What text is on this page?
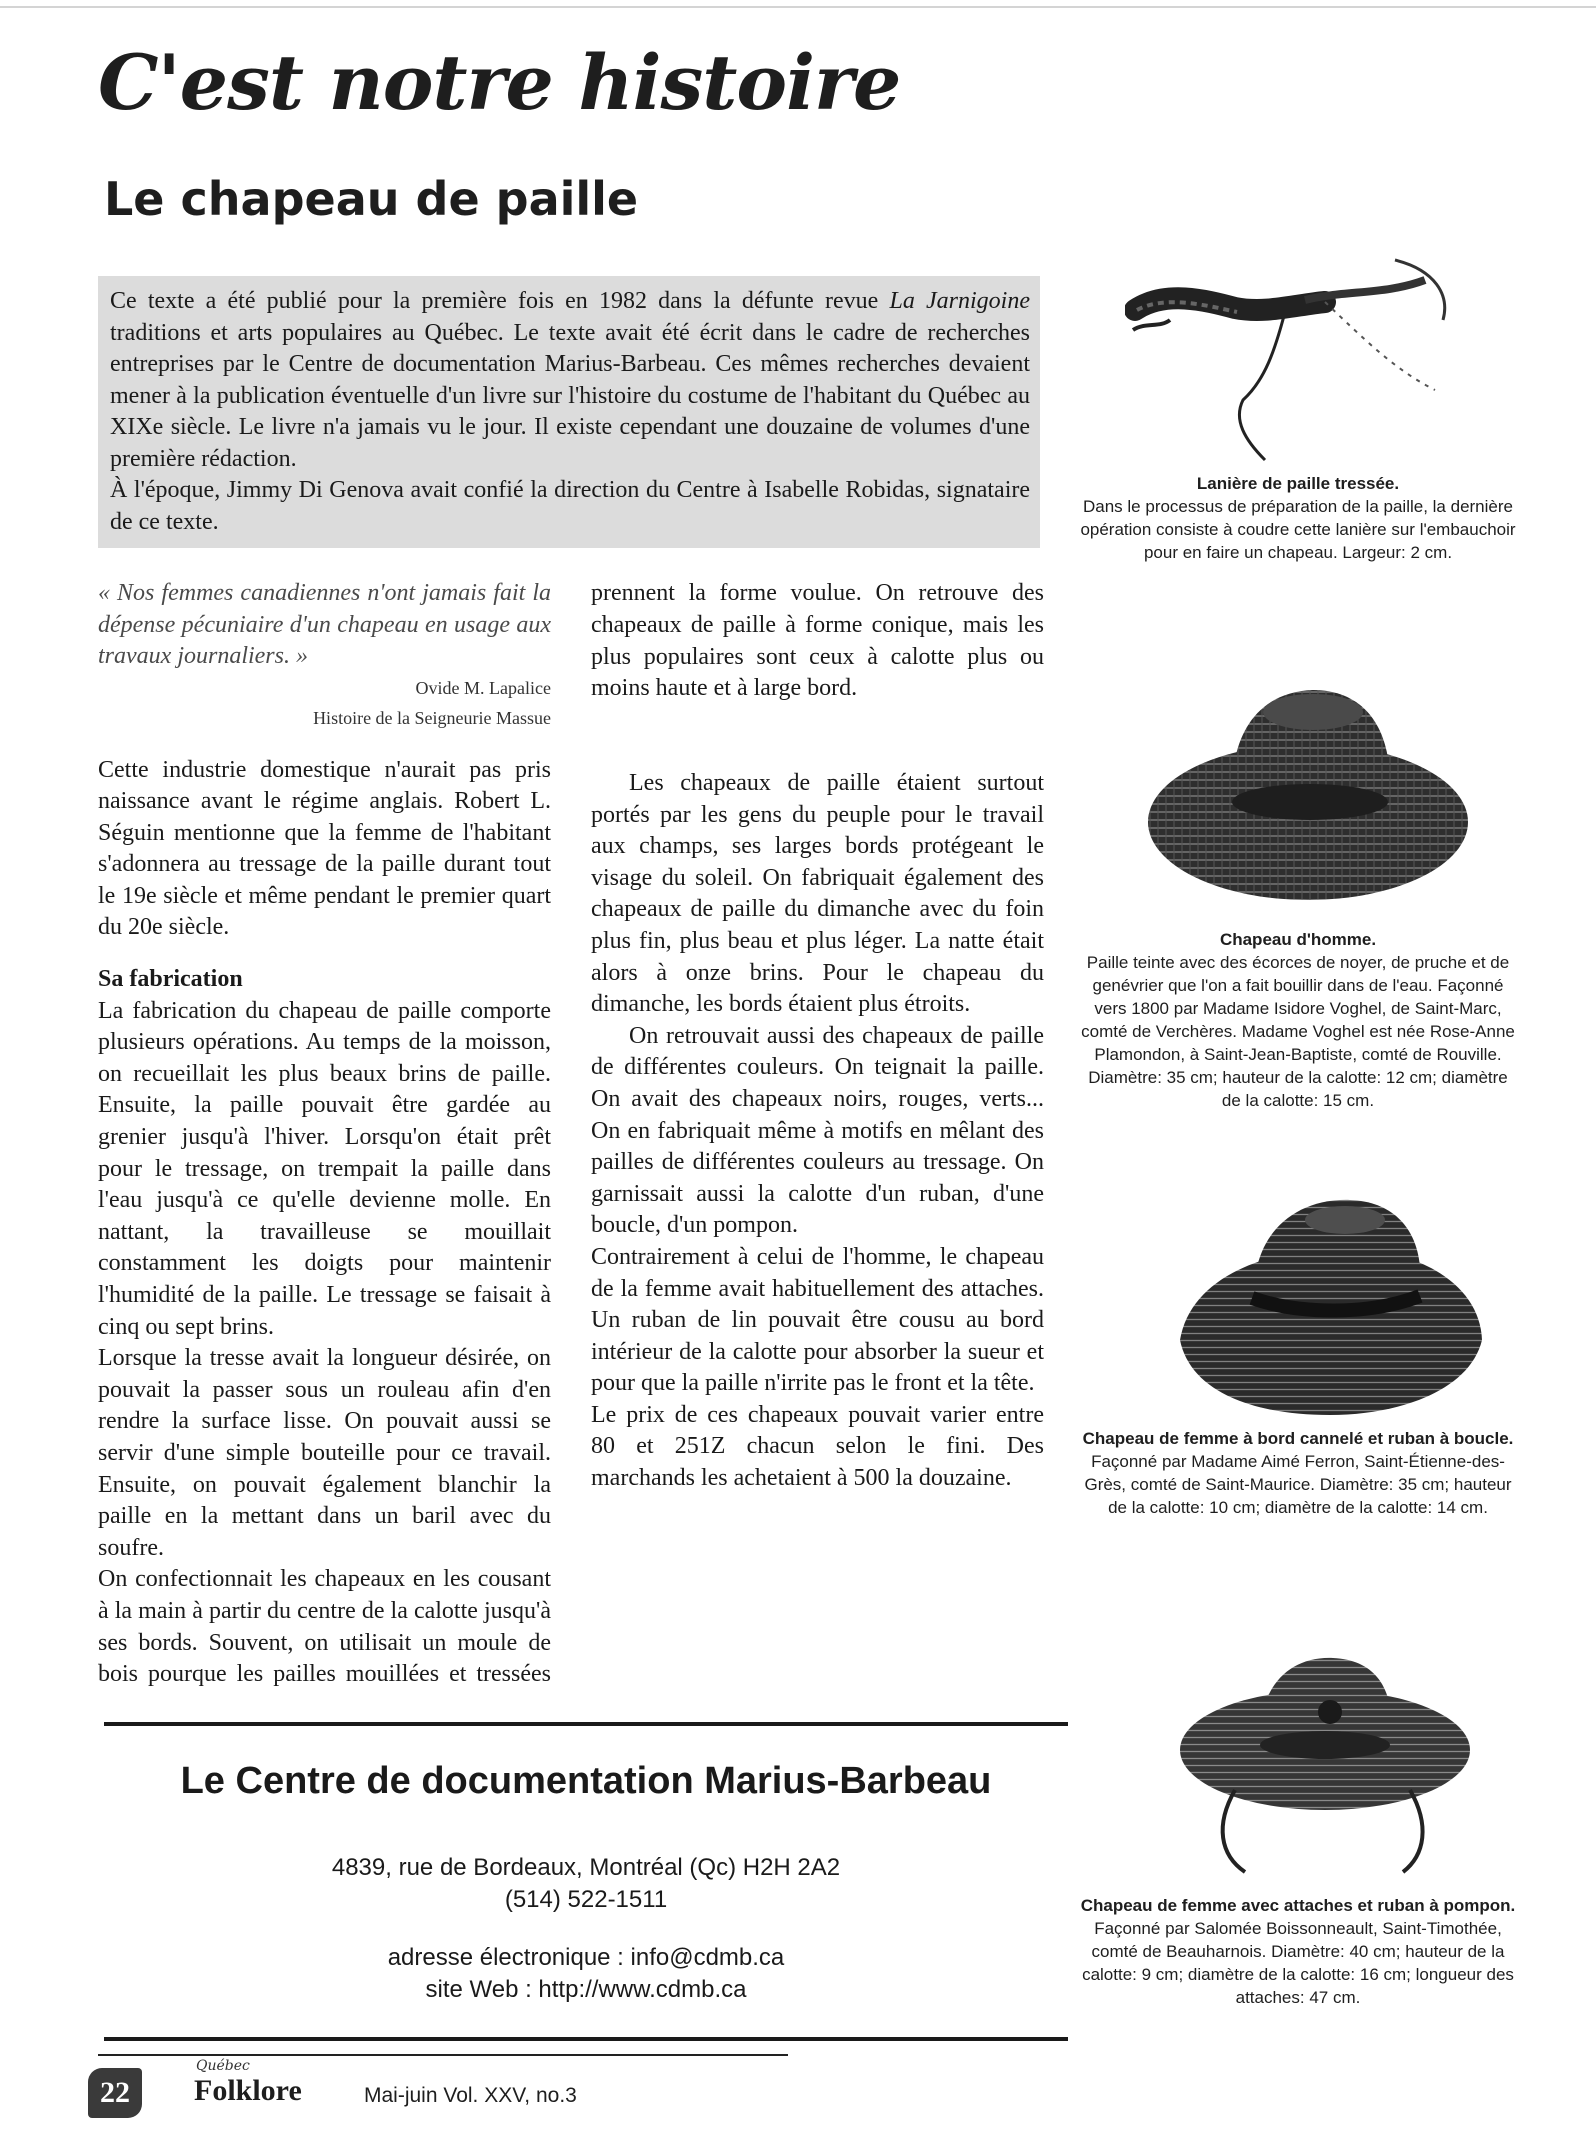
C'est notre histoire
Le chapeau de paille

Ce texte a été publié pour la première fois en 1982 dans la défunte revue La Jarnigoine traditions et arts populaires au Québec. Le texte avait été écrit dans le cadre de recherches entreprises par le Centre de documentation Marius-Barbeau. Ces mêmes recherches devaient mener à la publication éventuelle d'un livre sur l'histoire du costume de l'habitant du Québec au XIXe siècle. Le livre n'a jamais vu le jour. Il existe cependant une douzaine de volumes d'une première rédaction.

À l'époque, Jimmy Di Genova avait confié la direction du Centre à Isabelle Robidas, signataire de ce texte.

« Nos femmes canadiennes n'ont jamais fait la dépense pécuniaire d'un chapeau en usage aux travaux journaliers. »

Ovide M. Lapalice

Histoire de la Seigneurie Massue

Cette industrie domestique n'aurait pas pris naissance avant le régime anglais. Robert L. Séguin mentionne que la femme de l'habitant s'adonnera au tressage de la paille durant tout le 19e siècle et même pendant le premier quart du 20e siècle.

Sa fabrication

La fabrication du chapeau de paille comporte plusieurs opérations. Au temps de la moisson, on recueillait les plus beaux brins de paille. Ensuite, la paille pouvait être gardée au grenier jusqu'à l'hiver. Lorsqu'on était prêt pour le tressage, on trempait la paille dans l'eau jusqu'à ce qu'elle devienne molle. En nattant, la travailleuse se mouillait constamment les doigts pour maintenir l'humidité de la paille. Le tressage se faisait à cinq ou sept brins.

Lorsque la tresse avait la longueur désirée, on pouvait la passer sous un rouleau afin d'en rendre la surface lisse. On pouvait aussi se servir d'une simple bouteille pour ce travail. Ensuite, on pouvait également blanchir la paille en la mettant dans un baril avec du soufre.

On confectionnait les chapeaux en les cousant à la main à partir du centre de la calotte jusqu'à ses bords. Souvent, on utilisait un moule de bois pourque les pailles mouillées et tressées

prennent la forme voulue. On retrouve des chapeaux de paille à forme conique, mais les plus populaires sont ceux à calotte plus ou moins haute et à large bord.

Les chapeaux de paille étaient surtout portés par les gens du peuple pour le travail aux champs, ses larges bords protégeant le visage du soleil. On fabriquait également des chapeaux de paille du dimanche avec du foin plus fin, plus beau et plus léger. La natte était alors à onze brins. Pour le chapeau du dimanche, les bords étaient plus étroits.

On retrouvait aussi des chapeaux de paille de différentes couleurs. On teignait la paille. On avait des chapeaux noirs, rouges, verts... On en fabriquait même à motifs en mêlant des pailles de différentes couleurs au tressage. On garnissait aussi la calotte d'un ruban, d'une boucle, d'un pompon.

Contrairement à celui de l'homme, le chapeau de la femme avait habituellement des attaches. Un ruban de lin pouvait être cousu au bord intérieur de la calotte pour absorber la sueur et pour que la paille n'irrite pas le front et la tête.

Le prix de ces chapeaux pouvait varier entre 80 et 251Z chacun selon le fini. Des marchands les achetaient à 500 la douzaine.

Lanière de paille tressée.
Dans le processus de préparation de la paille, la dernière opération consiste à coudre cette lanière sur l'embauchoir pour en faire un chapeau. Largeur: 2 cm.
Chapeau d'homme.
Paille teinte avec des écorces de noyer, de pruche et de genévrier que l'on a fait bouillir dans de l'eau. Façonné vers 1800 par Madame Isidore Voghel, de Saint-Marc, comté de Verchères. Madame Voghel est née Rose-Anne Plamondon, à Saint-Jean-Baptiste, comté de Rouville. Diamètre: 35 cm; hauteur de la calotte: 12 cm; diamètre de la calotte: 15 cm.
Chapeau de femme à bord cannelé et ruban à boucle.
Façonné par Madame Aimé Ferron, Saint-Étienne-des-Grès, comté de Saint-Maurice. Diamètre: 35 cm; hauteur de la calotte: 10 cm; diamètre de la calotte: 14 cm.
Chapeau de femme avec attaches et ruban à pompon.
Façonné par Salomée Boissonneault, Saint-Timothée, comté de Beauharnois. Diamètre: 40 cm; hauteur de la calotte: 9 cm; diamètre de la calotte: 16 cm; longueur des attaches: 47 cm.
Le Centre de documentation Marius-Barbeau
4839, rue de Bordeaux, Montréal (Qc) H2H 2A2
(514) 522-1511
adresse électronique : info@cdmb.ca
site Web : http://www.cdmb.ca
22
Québec
Folklore	Mai-juin Vol. XXV, no.3
